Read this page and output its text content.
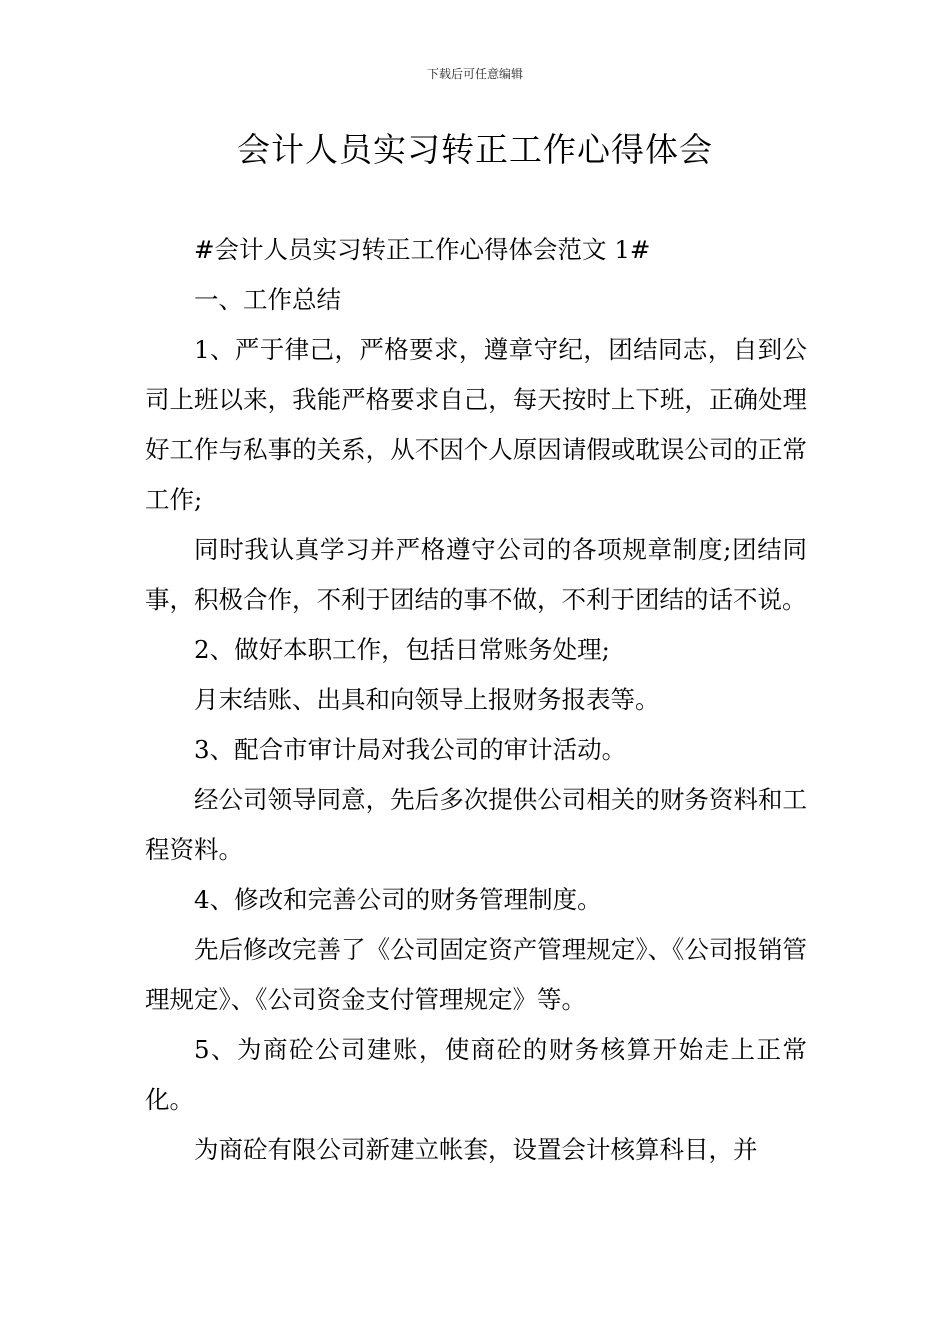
下载后可任意编辑
会计人员实习转正工作心得体会

#会计人员实习转正工作心得体会范文 1#

一、工作总结

1、严于律己，严格要求，遵章守纪，团结同志，自到公司上班以来，我能严格要求自己，每天按时上下班，正确处理好工作与私事的关系，从不因个人原因请假或耽误公司的正常工作;

同时我认真学习并严格遵守公司的各项规章制度;团结同事，积极合作，不利于团结的事不做，不利于团结的话不说。

2、做好本职工作，包括日常账务处理;

月末结账、出具和向领导上报财务报表等。

3、配合市审计局对我公司的审计活动。

经公司领导同意，先后多次提供公司相关的财务资料和工程资料。

4、修改和完善公司的财务管理制度。

先后修改完善了《公司固定资产管理规定》、《公司报销管理规定》、《公司资金支付管理规定》等。

5、为商砼公司建账，使商砼的财务核算开始走上正常化。

为商砼有限公司新建立帐套，设置会计核算科目，并
